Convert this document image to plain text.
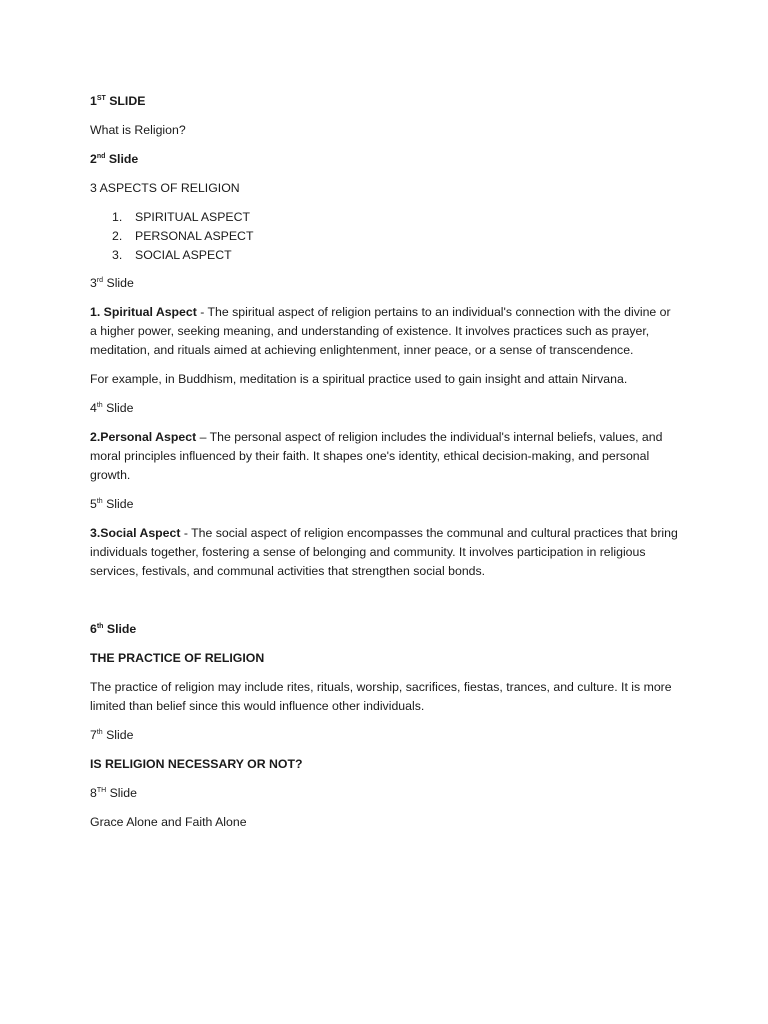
1ST SLIDE

What is Religion?

2nd Slide

3 ASPECTS OF RELIGION

1.	SPIRITUAL ASPECT
2.	PERSONAL ASPECT
3.	SOCIAL ASPECT

3rd Slide

1. Spiritual Aspect - The spiritual aspect of religion pertains to an individual's connection with the divine or a higher power, seeking meaning, and understanding of existence. It involves practices such as prayer, meditation, and rituals aimed at achieving enlightenment, inner peace, or a sense of transcendence.

For example, in Buddhism, meditation is a spiritual practice used to gain insight and attain Nirvana.

4th Slide

2.Personal Aspect – The personal aspect of religion includes the individual's internal beliefs, values, and moral principles influenced by their faith. It shapes one's identity, ethical decision-making, and personal growth.

5th Slide

3.Social Aspect - The social aspect of religion encompasses the communal and cultural practices that bring individuals together, fostering a sense of belonging and community. It involves participation in religious services, festivals, and communal activities that strengthen social bonds.

6th Slide

THE PRACTICE OF RELIGION

The practice of religion may include rites, rituals, worship, sacrifices, fiestas, trances, and culture. It is more limited than belief since this would influence other individuals.

7th Slide

IS RELIGION NECESSARY OR NOT?

8TH Slide

Grace Alone and Faith Alone
